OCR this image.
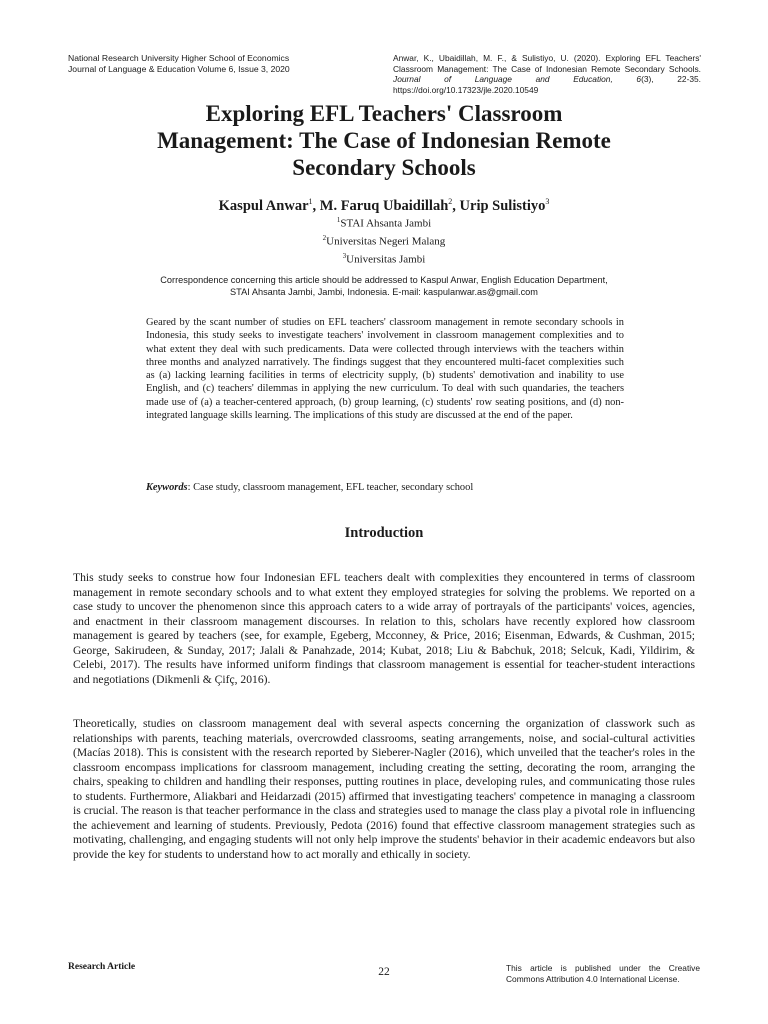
National Research University Higher School of Economics
Journal of Language & Education Volume 6, Issue 3, 2020
Anwar, K., Ubaidillah, M. F., & Sulistiyo, U. (2020). Exploring EFL Teachers' Classroom Management: The Case of Indonesian Remote Secondary Schools. Journal of Language and Education, 6(3), 22-35. https://doi.org/10.17323/jle.2020.10549
Exploring EFL Teachers' Classroom Management: The Case of Indonesian Remote Secondary Schools
Kaspul Anwar$^1$, M. Faruq Ubaidillah$^2$, Urip Sulistiyo$^3$
$^1$STAI Ahsanta Jambi
$^2$Universitas Negeri Malang
$^3$Universitas Jambi
Correspondence concerning this article should be addressed to Kaspul Anwar, English Education Department, STAI Ahsanta Jambi, Jambi, Indonesia. E-mail: kaspulanwar.as@gmail.com

Geared by the scant number of studies on EFL teachers' classroom management in remote secondary schools in Indonesia, this study seeks to investigate teachers' involvement in classroom management complexities and to what extent they deal with such predicaments. Data were collected through interviews with the teachers within three months and analyzed narratively. The findings suggest that they encountered multi-facet complexities such as (a) lacking learning facilities in terms of electricity supply, (b) students' demotivation and inability to use English, and (c) teachers' dilemmas in applying the new curriculum. To deal with such quandaries, the teachers made use of (a) a teacher-centered approach, (b) group learning, (c) students' row seating positions, and (d) non-integrated language skills learning. The implications of this study are discussed at the end of the paper.

Keywords: Case study, classroom management, EFL teacher, secondary school

Introduction

This study seeks to construe how four Indonesian EFL teachers dealt with complexities they encountered in terms of classroom management in remote secondary schools and to what extent they employed strategies for solving the problems. We reported on a case study to uncover the phenomenon since this approach caters to a wide array of portrayals of the participants' voices, agencies, and enactment in their classroom management discourses. In relation to this, scholars have recently explored how classroom management is geared by teachers (see, for example, Egeberg, Mcconney, & Price, 2016; Eisenman, Edwards, & Cushman, 2015; George, Sakirudeen, & Sunday, 2017; Jalali & Panahzade, 2014; Kubat, 2018; Liu & Babchuk, 2018; Selcuk, Kadi, Yildirim, & Celebi, 2017). The results have informed uniform findings that classroom management is essential for teacher-student interactions and negotiations (Dikmenli & Çifç, 2016).

Theoretically, studies on classroom management deal with several aspects concerning the organization of classwork such as relationships with parents, teaching materials, overcrowded classrooms, seating arrangements, noise, and social-cultural activities (Macías 2018). This is consistent with the research reported by Sieberer-Nagler (2016), which unveiled that the teacher's roles in the classroom encompass implications for classroom management, including creating the setting, decorating the room, arranging the chairs, speaking to children and handling their responses, putting routines in place, developing rules, and communicating those rules to students. Furthermore, Aliakbari and Heidarzadi (2015) affirmed that investigating teachers' competence in managing a classroom is crucial. The reason is that teacher performance in the class and strategies used to manage the class play a pivotal role in influencing the achievement and learning of students. Previously, Pedota (2016) found that effective classroom management strategies such as motivating, challenging, and engaging students will not only help improve the students' behavior in their academic endeavors but also provide the key for students to understand how to act morally and ethically in society.

Research Article	22	This article is published under the Creative Commons Attribution 4.0 International License.
